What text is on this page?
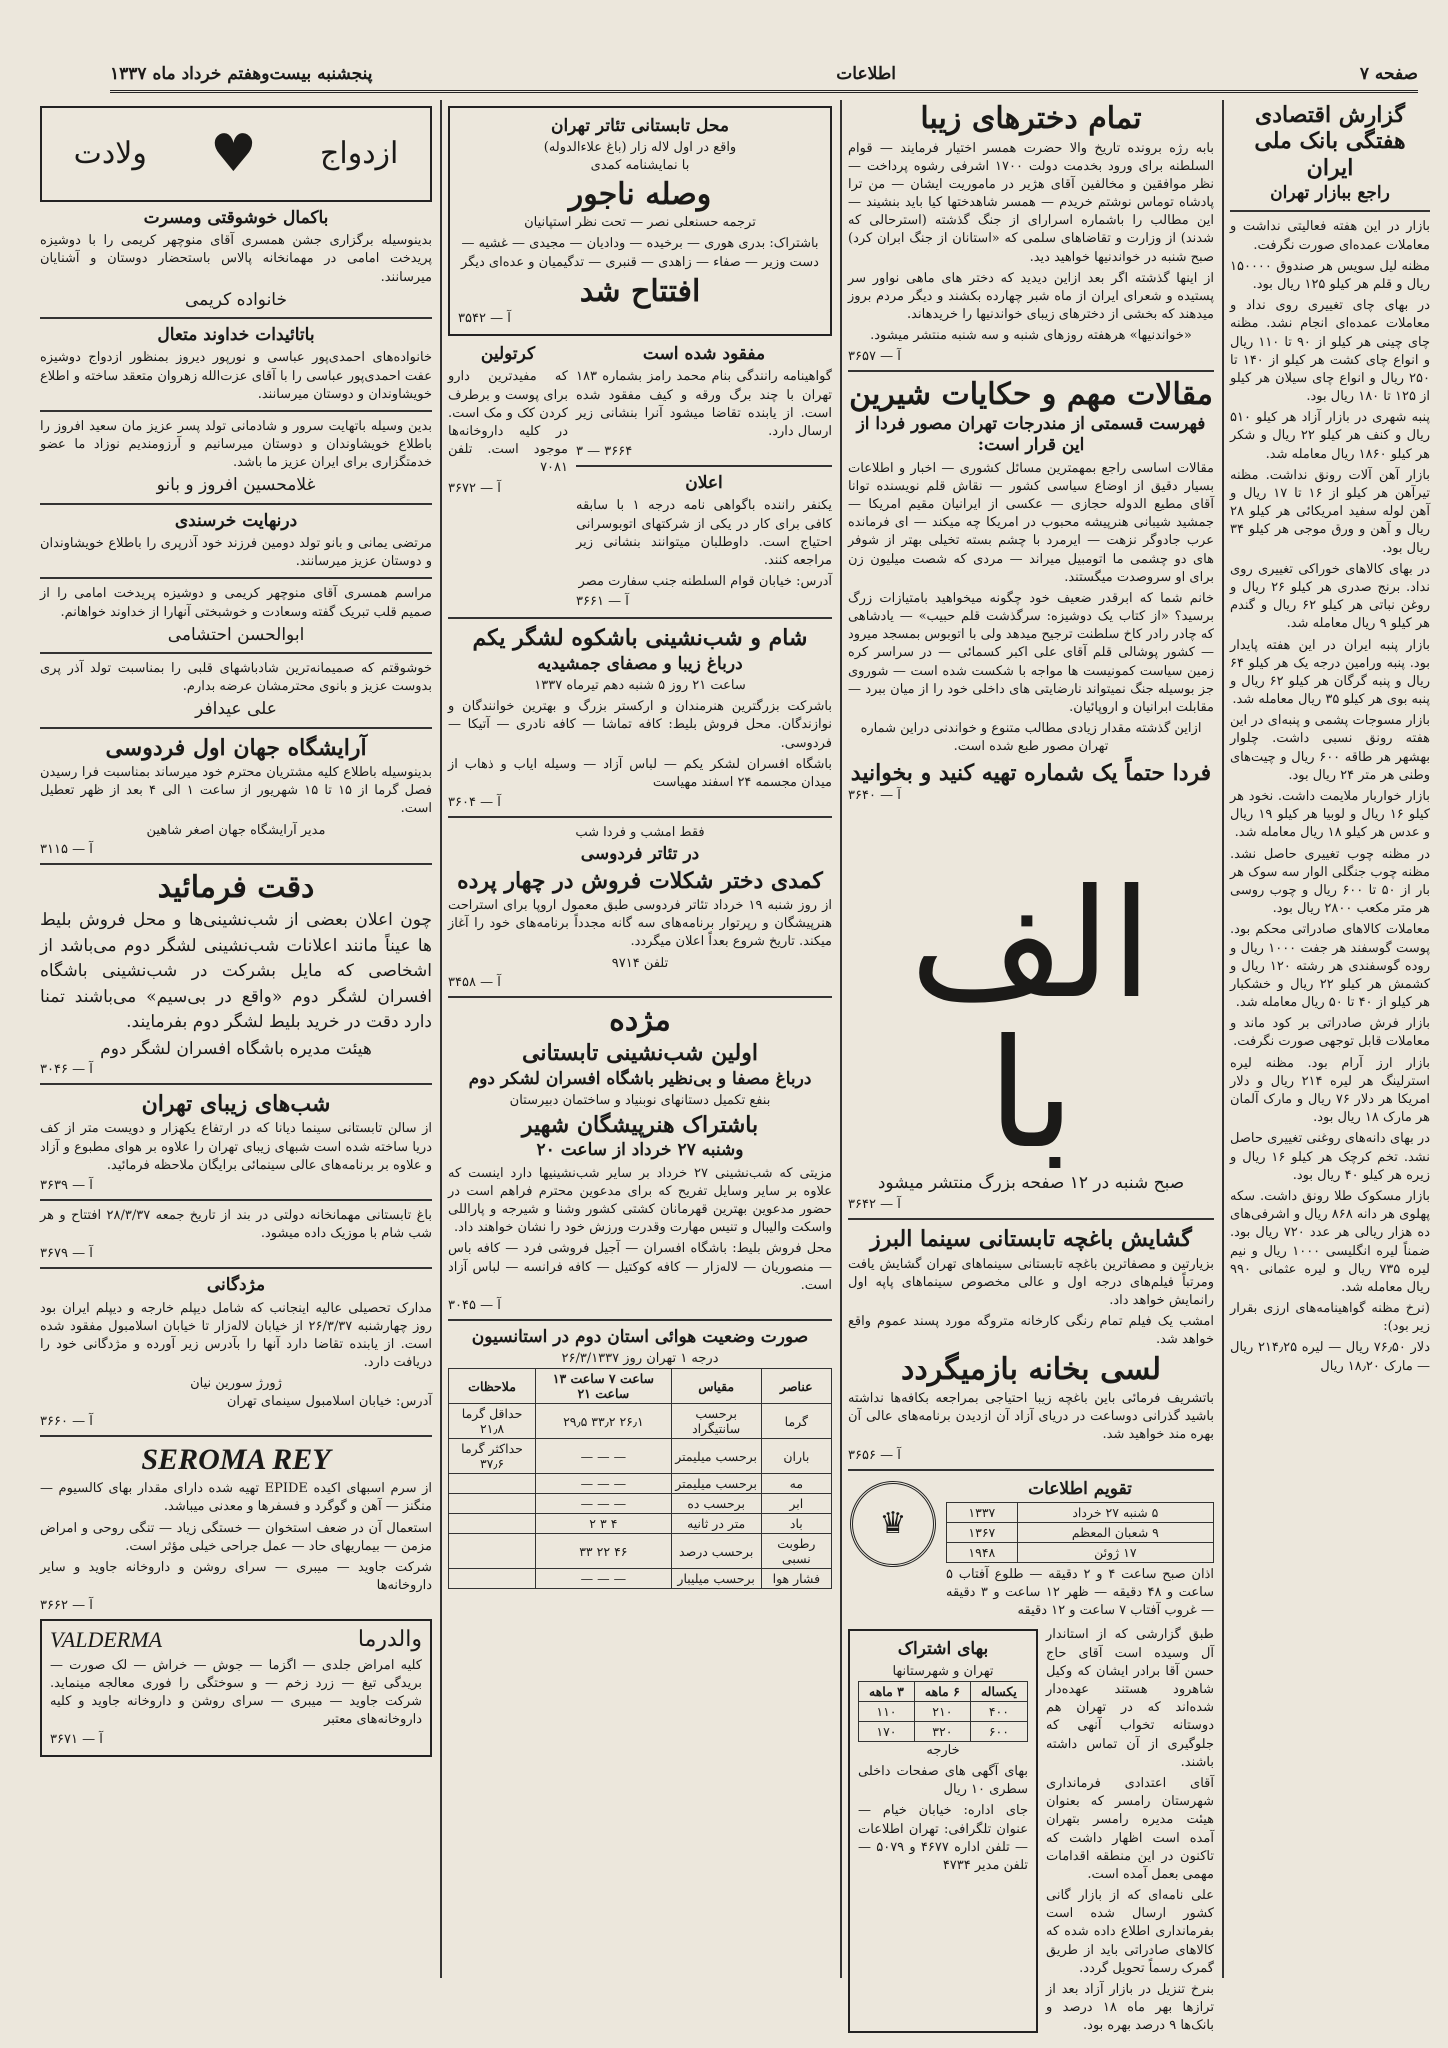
صفحه ۷
اطلاعات
پنجشنبه بیست‌وهفتم خرداد ماه ۱۳۳۷
گزارش اقتصادی هفتگی بانک ملی ایران
راجع ببازار تهران

بازار در این هفته فعالیتی نداشت و معاملات عمده‌ای صورت نگرفت.

مظنه لیل سویس هر صندوق ۱۵۰۰۰۰ ریال و قلم هر کیلو ۱۲۵ ریال بود.

در بهای چای تغییری روی نداد و معاملات عمده‌ای انجام نشد. مظنه چای چینی هر کیلو از ۹۰ تا ۱۱۰ ریال و انواع چای کشت هر کیلو از ۱۴۰ تا ۲۵۰ ریال و انواع چای سیلان هر کیلو از ۱۲۵ تا ۱۸۰ ریال بود.

پنبه شهری در بازار آزاد هر کیلو ۵۱۰ ریال و کنف هر کیلو ۲۲ ریال و شکر هر کیلو ۱۸۶۰ ریال معامله شد.

بازار آهن آلات رونق نداشت. مظنه تیرآهن هر کیلو از ۱۶ تا ۱۷ ریال و آهن لوله سفید امریکائی هر کیلو ۲۸ ریال و آهن و ورق موجی هر کیلو ۳۴ ریال بود.

در بهای کالاهای خوراکی تغییری روی نداد. برنج صدری هر کیلو ۲۶ ریال و روغن نباتی هر کیلو ۶۲ ریال و گندم هر کیلو ۹ ریال معامله شد.

بازار پنبه ایران در این هفته پایدار بود. پنبه ورامین درجه یک هر کیلو ۶۴ ریال و پنبه گرگان هر کیلو ۶۲ ریال و پنبه بوی هر کیلو ۳۵ ریال معامله شد.

بازار مسوجات پشمی و پنبه‌ای در این هفته رونق نسبی داشت. چلوار بهشهر هر طاقه ۶۰۰ ریال و چیت‌های وطنی هر متر ۲۴ ریال بود.

بازار خواربار ملایمت داشت. نخود هر کیلو ۱۶ ریال و لوبیا هر کیلو ۱۹ ریال و عدس هر کیلو ۱۸ ریال معامله شد.

در مظنه چوب تغییری حاصل نشد. مظنه چوب جنگلی الوار سه سوک هر بار از ۵۰ تا ۶۰۰ ریال و چوب روسی هر متر مکعب ۲۸۰۰ ریال بود.

معاملات کالاهای صادراتی محکم بود. پوست گوسفند هر جفت ۱۰۰۰ ریال و روده گوسفندی هر رشته ۱۲۰ ریال و کشمش هر کیلو ۲۲ ریال و خشکبار هر کیلو از ۴۰ تا ۵۰ ریال معامله شد.

بازار فرش صادراتی بر کود ماند و معاملات قابل توجهی صورت نگرفت.

بازار ارز آرام بود. مظنه لیره استرلینگ هر لیره ۲۱۴ ریال و دلار امریکا هر دلار ۷۶ ریال و مارک آلمان هر مارک ۱۸ ریال بود.

در بهای دانه‌های روغنی تغییری حاصل نشد. تخم کرچک هر کیلو ۱۶ ریال و زیره هر کیلو ۴۰ ریال بود.

بازار مسکوک طلا رونق داشت. سکه پهلوی هر دانه ۸۶۸ ریال و اشرفی‌های ده هزار ریالی هر عدد ۷۲۰ ریال بود. ضمناً لیره انگلیسی ۱۰۰۰ ریال و نیم لیره ۷۳۵ ریال و لیره عثمانی ۹۹۰ ریال معامله شد.

(نرخ مظنه گواهینامه‌های ارزی بقرار زیر بود):

دلار ۷۶٫۵۰ ریال — لیره ۲۱۴٫۲۵ ریال — مارک ۱۸٫۲۰ ریال

تمام دخترهای زیبا

بابه رژه برونده تاریخ والا حضرت همسر اختیار فرمایند — قوام السلطنه برای ورود بخدمت دولت ۱۷۰۰ اشرفی رشوه پرداخت — نظر موافقین و مخالفین آقای هژیر در ماموریت ایشان — من ترا پادشاه توماس نوشتم خریدم — همسر شاهدختها کیا باید بنشیند — این مطالب را باشماره اسرارای از جنگ گذشته (استرحالی که شدند) از وزارت و تقاضاهای سلمی که «استانان از جنگ ابران کرد) صبح شنبه در خواندنیها خواهید دید.

از اینها گذشته اگر بعد ازاین دیدید که دختر های ماهی نواور سر پستیده و شعرای ایران از ماه شبر چهارده بکشند و دیگر مردم بروز میدهند که بخشی از دخترهای زیبای خواندنیها را خریدهاند.

«خواندنیها» هرهفته روزهای شنبه و سه شنبه منتشر میشود.

آ — ۳۶۵۷
مقالات مهم و حکایات شیرین
فهرست قسمتی از مندرجات تهران مصور فردا از این قرار است:

مقالات اساسی راجع بمهمترین مسائل کشوری — اخبار و اطلاعات بسیار دقیق از اوضاع سیاسی کشور — نقاش قلم نویسنده توانا آقای مطیع الدوله حجازی — عکسی از ایرانیان مقیم امریکا — جمشید شیبانی هنرپیشه محبوب در امریکا چه میکند — ای فرمانده عرب جادوگر نزهت — ایرمرد با چشم بسته تخیلی بهتر از شوفر های دو چشمی ما اتومبیل میراند — مردی که شصت میلیون زن برای او سروصدت میگستند.

خانم شما که ابرقدر ضعیف خود چگونه میخواهید بامتیازات زرگ برسید؟ «از کتاب یک دوشیزه: سرگذشت قلم حبیب» — یادشاهی که چادر رادر کاخ سلطنت ترجیح میدهد ولی با اتوبوس بمسجد میرود — کشور پوشالی قلم آقای علی اکبر کسمائی — در سراسر کره زمین سیاست کمونیست ها مواجه با شکست شده است — شوروی جز بوسیله جنگ نمیتواند نارضایتی های داخلی خود را از میان ببرد — مقابلت ابرانیان و اروپائیان.

ازاین گذشته مقدار زیادی مطالب متنوع و خواندنی دراین شماره تهران مصور طبع شده است.

فردا حتماً یک شماره تهیه کنید و بخوانید
آ — ۳۶۴۰
الف با

صبح شنبه در ۱۲ صفحه بزرگ منتشر میشود

آ — ۳۶۴۲
گشایش باغچه تابستانی سینما البرز

بزیارتین و مصفاترین باغچه تابستانی سینماهای تهران گشایش یافت ومرتباً فیلم‌های درجه اول و عالی مخصوص سینماهای پاپه اول رانمایش خواهد داد.

امشب یک فیلم تمام رنگی کارخانه متروگه مورد پسند عموم واقع خواهد شد.

لسی بخانه بازمیگردد

باتشریف فرمائی باین باغچه زیبا احتیاجی بمراجعه بکافه‌ها نداشته باشید گذرانی دوساعت در دریای آزاد آن ازدیدن برنامه‌های عالی آن بهره مند خواهید شد.

آ — ۳۶۵۶
تقویم اطلاعات
۵ شنبه ۲۷ خرداد	۱۳۳۷
۹ شعبان المعظم	۱۳۶۷
۱۷ ژوئن	۱۹۴۸

اذان صبح ساعت ۴ و ۲ دقیقه — طلوع آفتاب ۵ ساعت و ۴۸ دقیقه — ظهر ۱۲ ساعت و ۳ دقیقه — غروب آفتاب ۷ ساعت و ۱۲ دقیقه

♛

طبق گزارشی که از استاندار آل وسیده است آقای حاج حسن آقا برادر ایشان که وکیل شاهرود هستند عهده‌دار شده‌اند که در تهران هم دوستانه تخواب آنهی که جلوگیری از آن تماس داشته باشند.

آقای اعتدادی فرمانداری شهرستان رامسر که بعنوان هیئت مدیره رامسر بتهران آمده است اظهار داشت که تاکنون در این منطقه اقدامات مهمی بعمل آمده است.

علی نامه‌ای که از بازار گانی کشور ارسال شده است بفرمانداری اطلاع داده شده که کالاهای صادراتی باید از طریق گمرک رسماً تحویل گردد.

بنرخ تنزیل در بازار آزاد بعد از ترازها بهر ماه ۱۸ درصد و بانک‌ها ۹ درصد بهره بود.

بهای اشتراک
تهران و شهرستانها
یکساله	۶ ماهه	۳ ماهه
۴۰۰	۲۱۰	۱۱۰
۶۰۰	۳۲۰	۱۷۰
خارجه

بهای آگهی های صفحات داخلی سطری ۱۰ ریال

جای اداره: خیابان خیام — عنوان تلگرافی: تهران اطلاعات — تلفن اداره ۴۶۷۷ و ۵۰۷۹ — تلفن مدیر ۴۷۳۴

محل تابستانی تئاتر تهران
واقع در اول لاله زار (باغ علاءالدوله)
با نمایشنامه کمدی
وصله ناجور
ترجمه حسنعلی نصر — تحت نظر استپانیان

باشتراک: بدری هوری — برخیده — ودادیان — مجیدی — غشیه — دست وزیر — صفاء — زاهدی — قنبری — تدگیمیان و عده‌ای دیگر

افتتاح شد
آ — ۳۵۴۲
مفقود شده است

گواهینامه رانندگی بنام محمد رامز بشماره ۱۸۳ تهران با چند برگ ورقه و کیف مفقود شده است. از یابنده تقاضا میشود آنرا بنشانی زیر ارسال دارد.

۳ — ۳۶۶۴
اعلان

یکنفر راننده باگواهی نامه درجه ۱ با سابقه کافی برای کار در یکی از شرکتهای اتوبوسرانی احتیاج است. داوطلبان میتوانند بنشانی زیر مراجعه کنند.

آدرس: خیابان قوام السلطنه جنب سفارت مصر

آ — ۳۶۶۱
کرتولین

که مفیدترین دارو برای پوست و برطرف کردن کک و مک است. در کلیه داروخانه‌ها موجود است. تلفن ۷۰۸۱

آ — ۳۶۷۲
شام و شب‌نشینی باشکوه لشگر یکم
درباغ زیبا و مصفای جمشیدیه
ساعت ۲۱ روز ۵ شنبه دهم تیرماه ۱۳۳۷

باشرکت بزرگترین هنرمندان و ارکستر بزرگ و بهترین خوانندگان و نوازندگان. محل فروش بلیط: کافه تماشا — کافه نادری — آتیکا — فردوسی.

باشگاه افسران لشکر یکم — لباس آزاد — وسیله ایاب و ذهاب از میدان مجسمه ۲۴ اسفند مهیاست

آ — ۳۶۰۴
فقط امشب و فردا شب
در تئاتر فردوسی
کمدی دختر شکلات فروش در چهار پرده

از روز شنبه ۱۹ خرداد تئاتر فردوسی طبق معمول اروپا برای استراحت هنرپیشگان و رپرتوار برنامه‌های سه گانه مجدداً برنامه‌های خود را آغاز میکند. تاریخ شروع بعداً اعلان میگردد.

تلفن ۹۷۱۴
آ — ۳۴۵۸
مژده
اولین شب‌نشینی تابستانی
درباغ مصفا و بی‌نظیر باشگاه افسران لشکر دوم
بنفع تکمیل دستانهای نوبنیاد و ساختمان دبیرستان
باشتراک هنرپیشگان شهیر
وشنبه ۲۷ خرداد از ساعت ۲۰

مزیتی که شب‌نشینی ۲۷ خرداد بر سایر شب‌نشینیها دارد اینست که علاوه بر سایر وسایل تفریح که برای مدعوین محترم فراهم است در حضور مدعوین بهترین قهرمانان کشتی کشور وشنا و شیرجه و پاراللی واسکت والیبال و تنیس مهارت وقدرت ورزش خود را نشان خواهند داد.

محل فروش بلیط: باشگاه افسران — آجیل فروشی فرد — کافه باس — منصوریان — لاله‌زار — کافه کوکتیل — کافه فرانسه — لباس آزاد است.

آ — ۳۰۴۵
صورت وضعیت هوائی استان دوم در استانسیون
درجه ۱ تهران روز ۲۶/۳/۱۳۳۷
عناصر	مقیاس	ساعت ۷ ساعت ۱۳ ساعت ۲۱	ملاحظات
گرما	برحسب سانتیگراد	۲۶٫۱ ۳۳٫۲ ۲۹٫۵	حداقل گرما ۲۱٫۸
باران	برحسب میلیمتر	— — —	حداکثر گرما ۳۷٫۶
مه	برحسب میلیمتر	— — —	
ابر	برحسب ده	— — —	
باد	متر در ثانیه	۴ ۳ ۲	
رطوبت نسبی	برحسب درصد	۴۶ ۲۲ ۳۳	
فشار هوا	برحسب میلیبار	— — —	
ازدواج
♥
ولادت
باکمال خوشوقتی ومسرت

بدینوسیله برگزاری جشن همسری آقای منوچهر کریمی را با دوشیزه پریدخت امامی در مهمانخانه پالاس باستحضار دوستان و آشنایان میرسانند.

خانواده کریمی
باتائیدات خداوند متعال

خانواده‌های احمدی‌پور عباسی و نورپور دیروز بمنظور ازدواج دوشیزه عفت احمدی‌پور عباسی را با آقای عزت‌الله زهروان متعقد ساخته و اطلاع خویشاوندان و دوستان میرسانند.

بدین وسیله باتهایت سرور و شادمانی تولد پسر عزیز مان سعید افروز را باطلاع خویشاوندان و دوستان میرسانیم و آرزومندیم نوزاد ما عضو خدمتگزاری برای ایران عزیز ما باشد.

غلامحسین افروز و بانو
درنهایت خرسندی

مرتضی یمانی و بانو تولد دومین فرزند خود آذرپری را باطلاع خویشاوندان و دوستان عزیز میرسانند.

مراسم همسری آقای منوچهر کریمی و دوشیزه پریدخت امامی را از صمیم قلب تبریک گفته وسعادت و خوشبختی آنهارا از خداوند خواهانم.

ابوالحسن احتشامی

خوشوقتم که صمیمانه‌ترین شادباشهای قلبی را بمناسبت تولد آذر پری بدوست عزیز و بانوی محترمشان عرضه بدارم.

علی عیدافر
آرایشگاه جهان اول فردوسی

بدینوسیله باطلاع کلیه مشتریان محترم خود میرساند بمناسبت فرا رسیدن فصل گرما از ۱۵ تا ۱۵ شهریور از ساعت ۱ الی ۴ بعد از ظهر تعطیل است.

مدیر آرایشگاه جهان اصغر شاهین
آ — ۳۱۱۵
دقت فرمائید

چون اعلان بعضی از شب‌نشینی‌ها و محل فروش بلیط ها عیناً مانند اعلانات شب‌نشینی لشگر دوم می‌باشد از اشخاصی که مایل بشرکت در شب‌نشینی باشگاه افسران لشگر دوم «واقع در بی‌سیم» می‌باشند تمنا دارد دقت در خرید بلیط لشگر دوم بفرمایند.

هیئت مدیره باشگاه افسران لشگر دوم
آ — ۳۰۴۶
شب‌های زیبای تهران

از سالن تابستانی سینما دیانا که در ارتفاع یکهزار و دویست متر از کف دریا ساخته شده است شبهای زیبای تهران را علاوه بر هوای مطبوع و آزاد و علاوه بر برنامه‌های عالی سینمائی برایگان ملاحظه فرمائید.

آ — ۳۶۳۹

باغ تابستانی مهمانخانه دولتی در بند از تاریخ جمعه ۲۸/۳/۳۷ افتتاح و هر شب شام با موزیک داده میشود.

آ — ۳۶۷۹
مژدگانی

مدارک تحصیلی عالیه اینجانب که شامل دیپلم خارجه و دیپلم ایران بود روز چهارشنبه ۲۶/۳/۳۷ از خیابان لاله‌زار تا خیابان اسلامبول مفقود شده است. از یابنده تقاضا دارد آنها را بآدرس زیر آورده و مژدگانی خود را دریافت دارد.

ژورژ سورین نیان
آدرس: خیابان اسلامبول سینمای تهران
آ — ۳۶۶۰
SEROMA REY

از سرم اسبهای اکیده EPIDE تهیه شده دارای مقدار بهای کالسیوم — منگنز — آهن و گوگرد و فسفرها و معدنی میباشد.

استعمال آن در ضعف استخوان — خستگی زیاد — تنگی روحی و امراض مزمن — بیماریهای حاد — عمل جراحی خیلی مؤثر است.

شرکت جاوید — میبری — سرای روشن و داروخانه جاوید و سایر داروخانه‌ها

آ — ۳۶۶۲
والدرما
VALDERMA

کلیه امراض جلدی — اگزما — جوش — خراش — لک صورت — بریدگی تیغ — زرد زخم — و سوختگی را فوری معالجه مینماید. شرکت جاوید — میبری — سرای روشن و داروخانه جاوید و کلیه داروخانه‌های معتبر

آ — ۳۶۷۱
